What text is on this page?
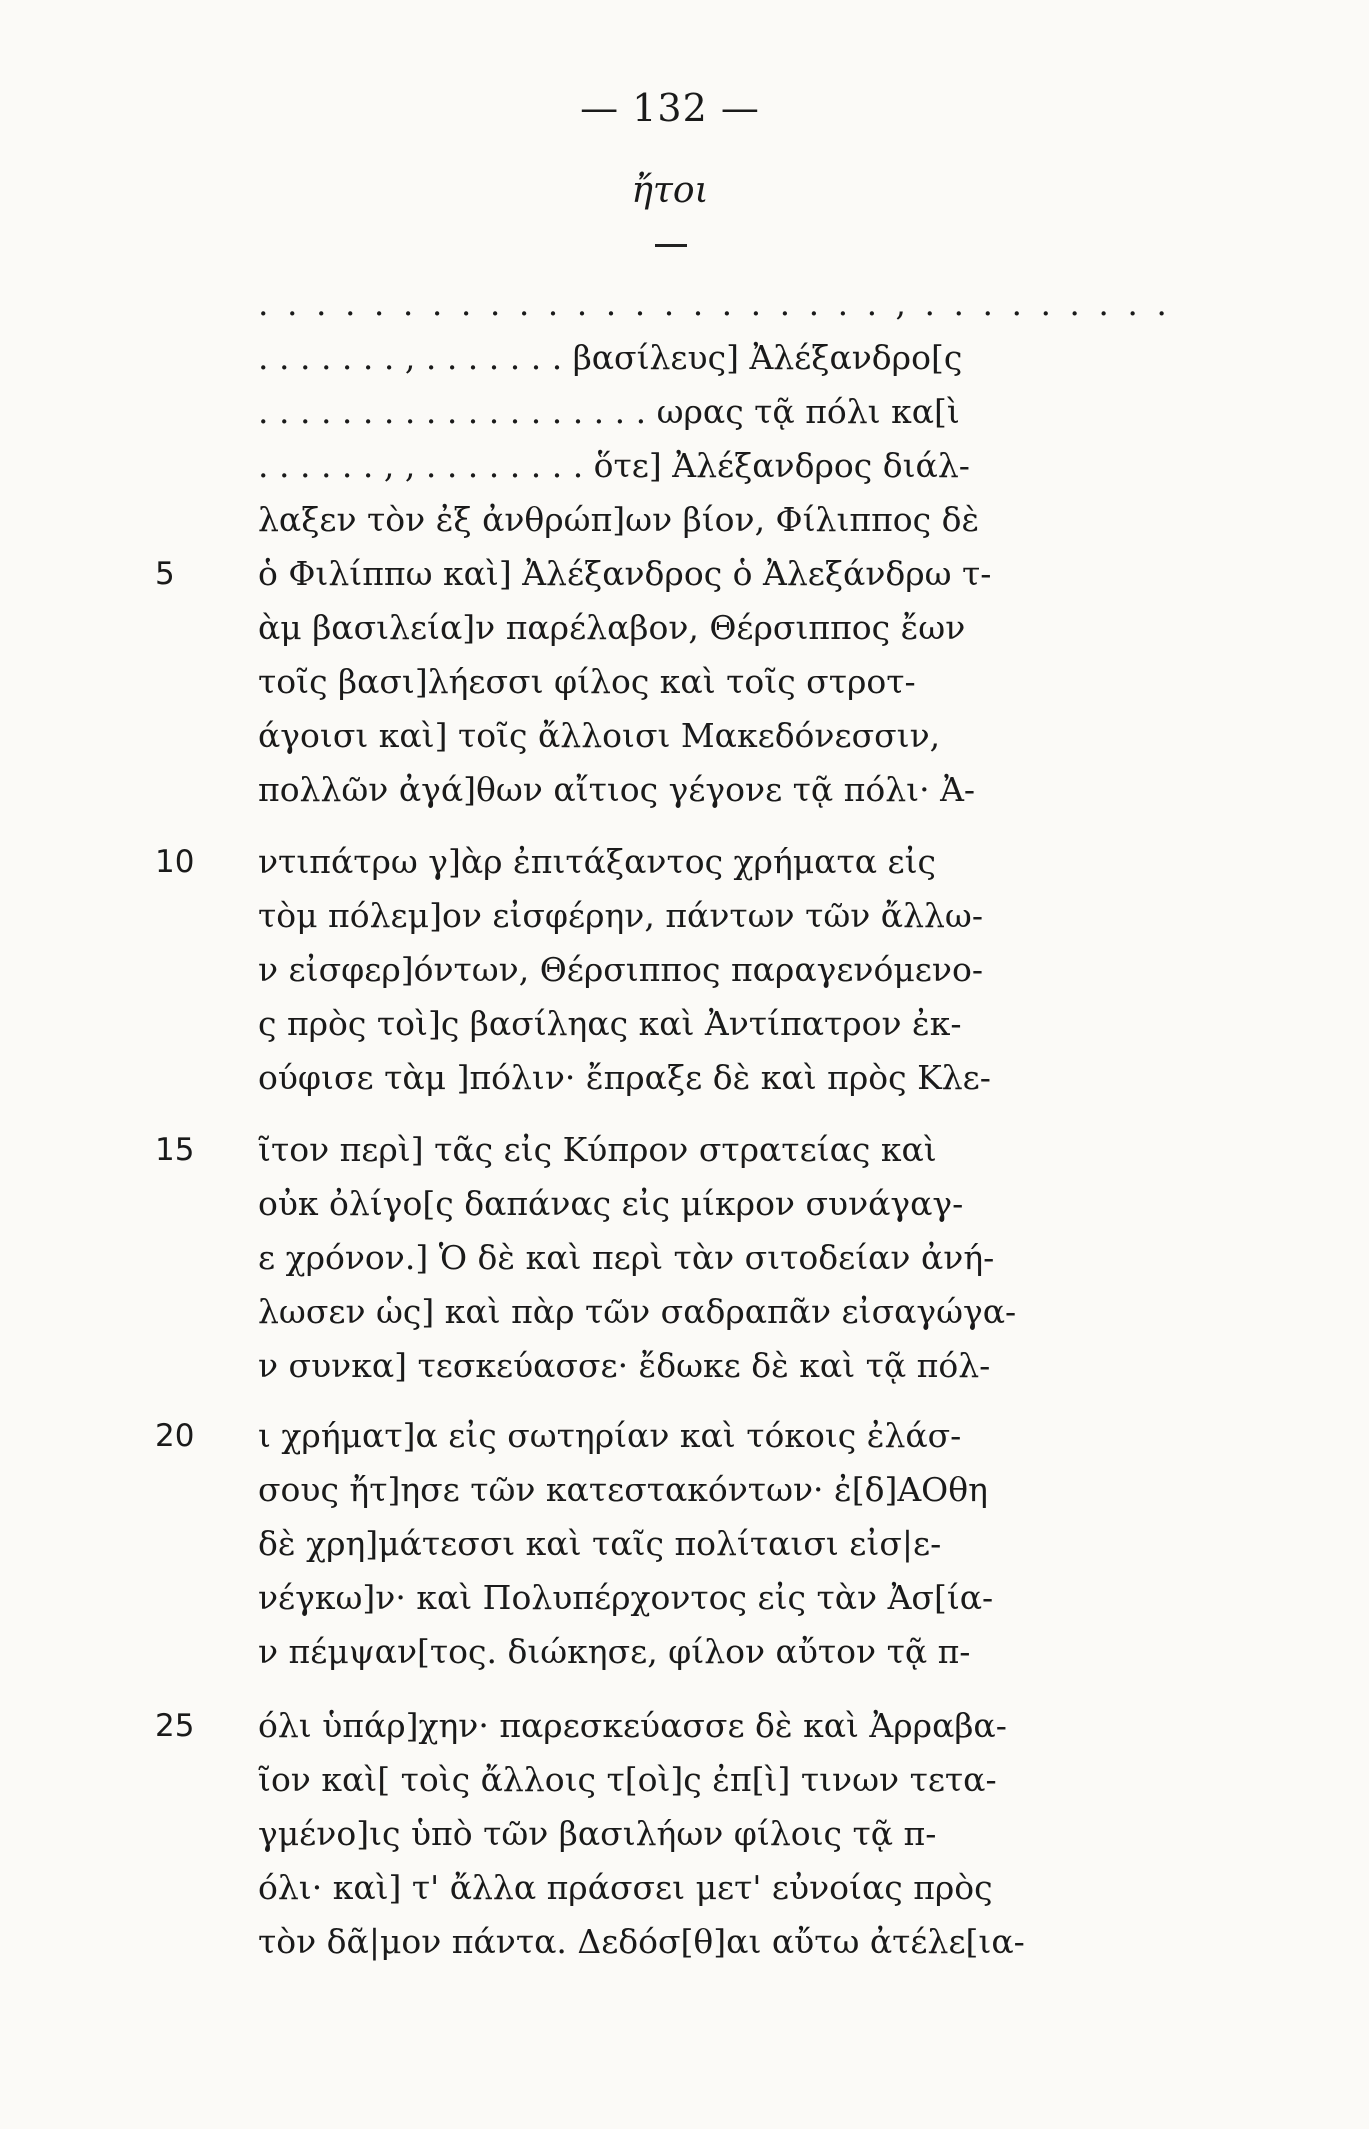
— 132 —
ἤτοι
. . . . . . . . . . . . . . . . . . . . . . , . . . . . . . . .
. . . . . . . , . . . . . . . βασίλευς] Ἀλέξανδρο[ς
. . . . . . . . . . . . . . . . . . . ωρας τᾷ πόλι κα[ὶ
. . . . . . , , . . . . . . . . ὅτε] Ἀλέξανδρος διάλ-
λαξεν τὸν ἐξ ἀνθρώπ]ων βίον, Φίλιππος δὲ
5	ὁ Φιλίππω καὶ] Ἀλέξανδρος ὁ Ἀλεξάνδρω τ-
ὰμ βασιλεία]ν παρέλαβον, Θέρσιππος ἔων
τοῖς βασι]λήεσσι φίλος καὶ τοῖς στροτ-
άγοισι καὶ] τοῖς ἄλλοισι Μακεδόνεσσιν,
πολλῶν ἀγά]θων αἴτιος γέγονε τᾷ πόλι· Ἀ-
10	ντιπάτρω γ]ὰρ ἐπιτάξαντος χρήματα εἰς
τὸμ πόλεμ]ον εἰσφέρην, πάντων τῶν ἄλλω-
ν εἰσφερ]όντων, Θέρσιππος παραγενόμενο-
ς πρὸς τοὶ]ς βασίληας καὶ Ἀντίπατρον ἐκ-
ούφισε τὰμ ]πόλιν· ἔπραξε δὲ καὶ πρὸς Κλε-
15	ῖτον περὶ] τᾶς εἰς Κύπρον στρατείας καὶ
οὐκ ὀλίγο[ς δαπάνας εἰς μίκρον συνάγαγ-
ε χρόνον.] Ὁ δὲ καὶ περὶ τὰν σιτοδείαν ἀνή-
λωσεν ὡς] καὶ πὰρ τῶν σαδραπᾶν εἰσαγώγα-
ν συνκα] τεσκεύασσε· ἔδωκε δὲ καὶ τᾷ πόλ-
20	ι χρήματ]α εἰς σωτηρίαν καὶ τόκοις ἐλάσ-
σους ἤτ]ησε τῶν κατεστακόντων· ἐ[δ]ΑΟθη
δὲ χρη]μάτεσσι καὶ ταῖς πολίταισι εἰσ|ε-
νέγκω]ν· καὶ Πολυπέρχοντος εἰς τὰν Ἀσ[ία-
ν πέμψαν[τος. διώκησε, φίλον αὔτον τᾷ π-
25	όλι ὑπάρ]χην· παρεσκεύασσε δὲ καὶ Ἀρραβα-
ῖον καὶ[ τοὶς ἄλλοις τ[οὶ]ς ἐπ[ὶ] τινων τετα-
γμένο]ις ὑπὸ τῶν βασιλήων φίλοις τᾷ π-
όλι· καὶ] τ' ἄλλα πράσσει μετ' εὐνοίας πρὸς
τὸν δᾶ|μον πάντα. Δεδόσ[θ]αι αὔτω ἀτέλε[ια-
